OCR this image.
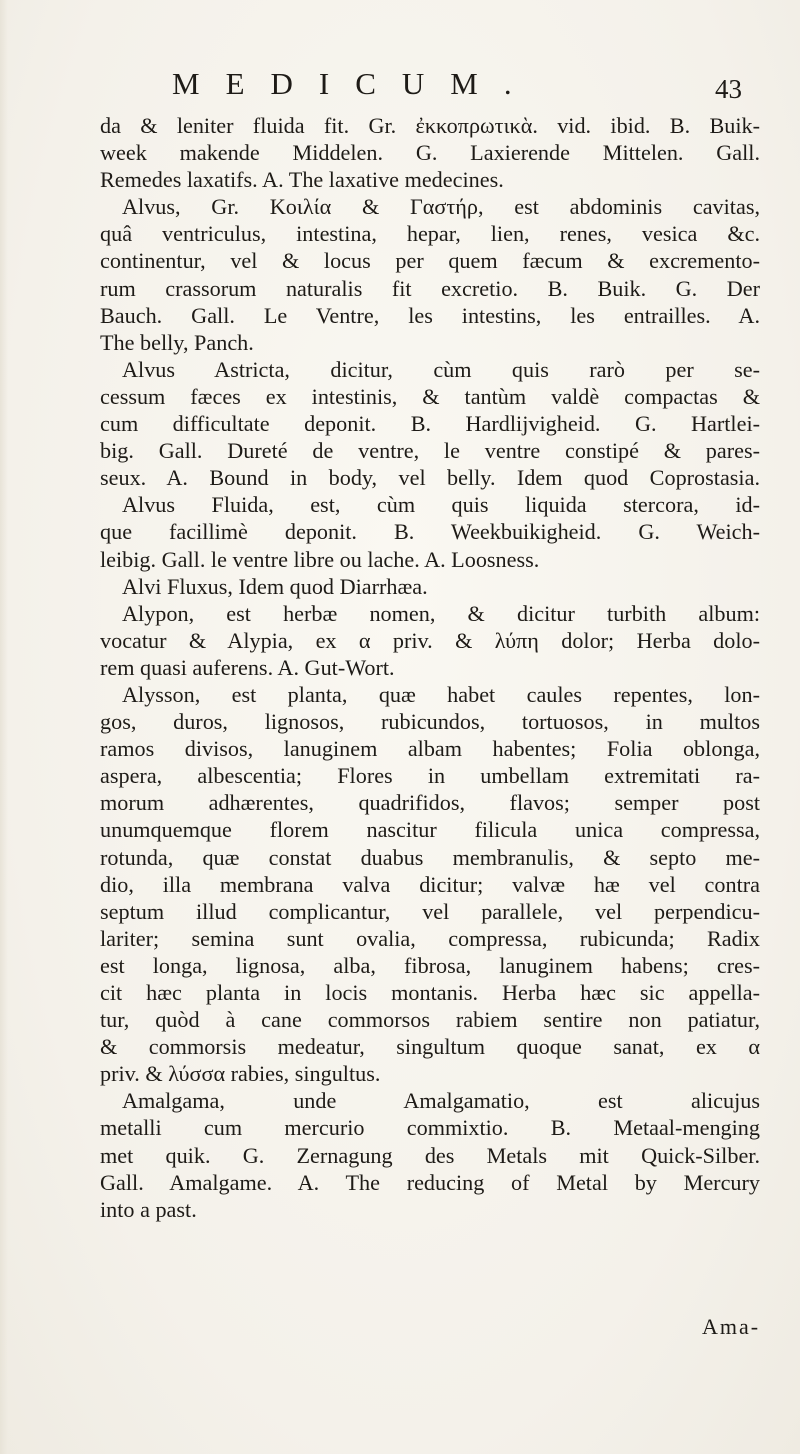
MEDICUM.	43
da & leniter fluida fit. Gr. ἐκκοπρωτικὰ. vid. ibid. B. Buik-
week makende Middelen. G. Laxierende Mittelen. Gall.
Remedes laxatifs. A. The laxative medecines.
Alvus, Gr. Κοιλία & Γαστήρ, est abdominis cavitas,
quâ ventriculus, intestina, hepar, lien, renes, vesica &c.
continentur, vel & locus per quem fæcum & excremento-
rum crassorum naturalis fit excretio. B. Buik. G. Der
Bauch. Gall. Le Ventre, les intestins, les entrailles. A.
The belly, Panch.
Alvus Astricta, dicitur, cùm quis rarò per se-
cessum fæces ex intestinis, & tantùm valdè compactas &
cum difficultate deponit. B. Hardlijvigheid. G. Hartlei-
big. Gall. Dureté de ventre, le ventre constipé & pares-
seux. A. Bound in body, vel belly. Idem quod Coprostasia.
Alvus Fluida, est, cùm quis liquida stercora, id-
que facillimè deponit. B. Weekbuikigheid. G. Weich-
leibig. Gall. le ventre libre ou lache. A. Loosness.
Alvi Fluxus, Idem quod Diarrhæa.
Alypon, est herbæ nomen, & dicitur turbith album:
vocatur & Alypia, ex α priv. & λύπη dolor; Herba dolo-
rem quasi auferens. A. Gut-Wort.
Alysson, est planta, quæ habet caules repentes, lon-
gos, duros, lignosos, rubicundos, tortuosos, in multos
ramos divisos, lanuginem albam habentes; Folia oblonga,
aspera, albescentia; Flores in umbellam extremitati ra-
morum adhærentes, quadrifidos, flavos; semper post
unumquemque florem nascitur filicula unica compressa,
rotunda, quæ constat duabus membranulis, & septo me-
dio, illa membrana valva dicitur; valvæ hæ vel contra
septum illud complicantur, vel parallele, vel perpendicu-
lariter; semina sunt ovalia, compressa, rubicunda; Radix
est longa, lignosa, alba, fibrosa, lanuginem habens; cres-
cit hæc planta in locis montanis. Herba hæc sic appella-
tur, quòd à cane commorsos rabiem sentire non patiatur,
& commorsis medeatur, singultum quoque sanat, ex α
priv. & λύσσα rabies, singultus.
Amalgama, unde Amalgamatio, est alicujus
metalli cum mercurio commixtio. B. Metaal-menging
met quik. G. Zernagung des Metals mit Quick-Silber.
Gall. Amalgame. A. The reducing of Metal by Mercury
into a past.
Ama-
